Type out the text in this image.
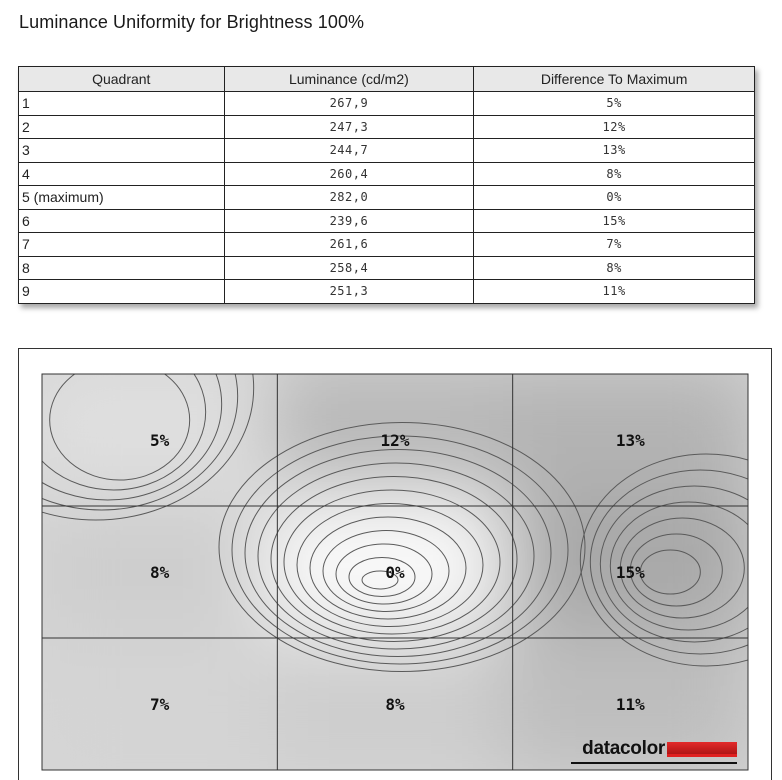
Luminance Uniformity for Brightness 100%
Quadrant	Luminance (cd/m2)	Difference To Maximum
1	267,9	5%
2	247,3	12%
3	244,7	13%
4	260,4	8%
5 (maximum)	282,0	0%
6	239,6	15%
7	261,6	7%
8	258,4	8%
9	251,3	11%
5%	12%	13%
8%	0%	15%
7%	8%	11%
datacolor
